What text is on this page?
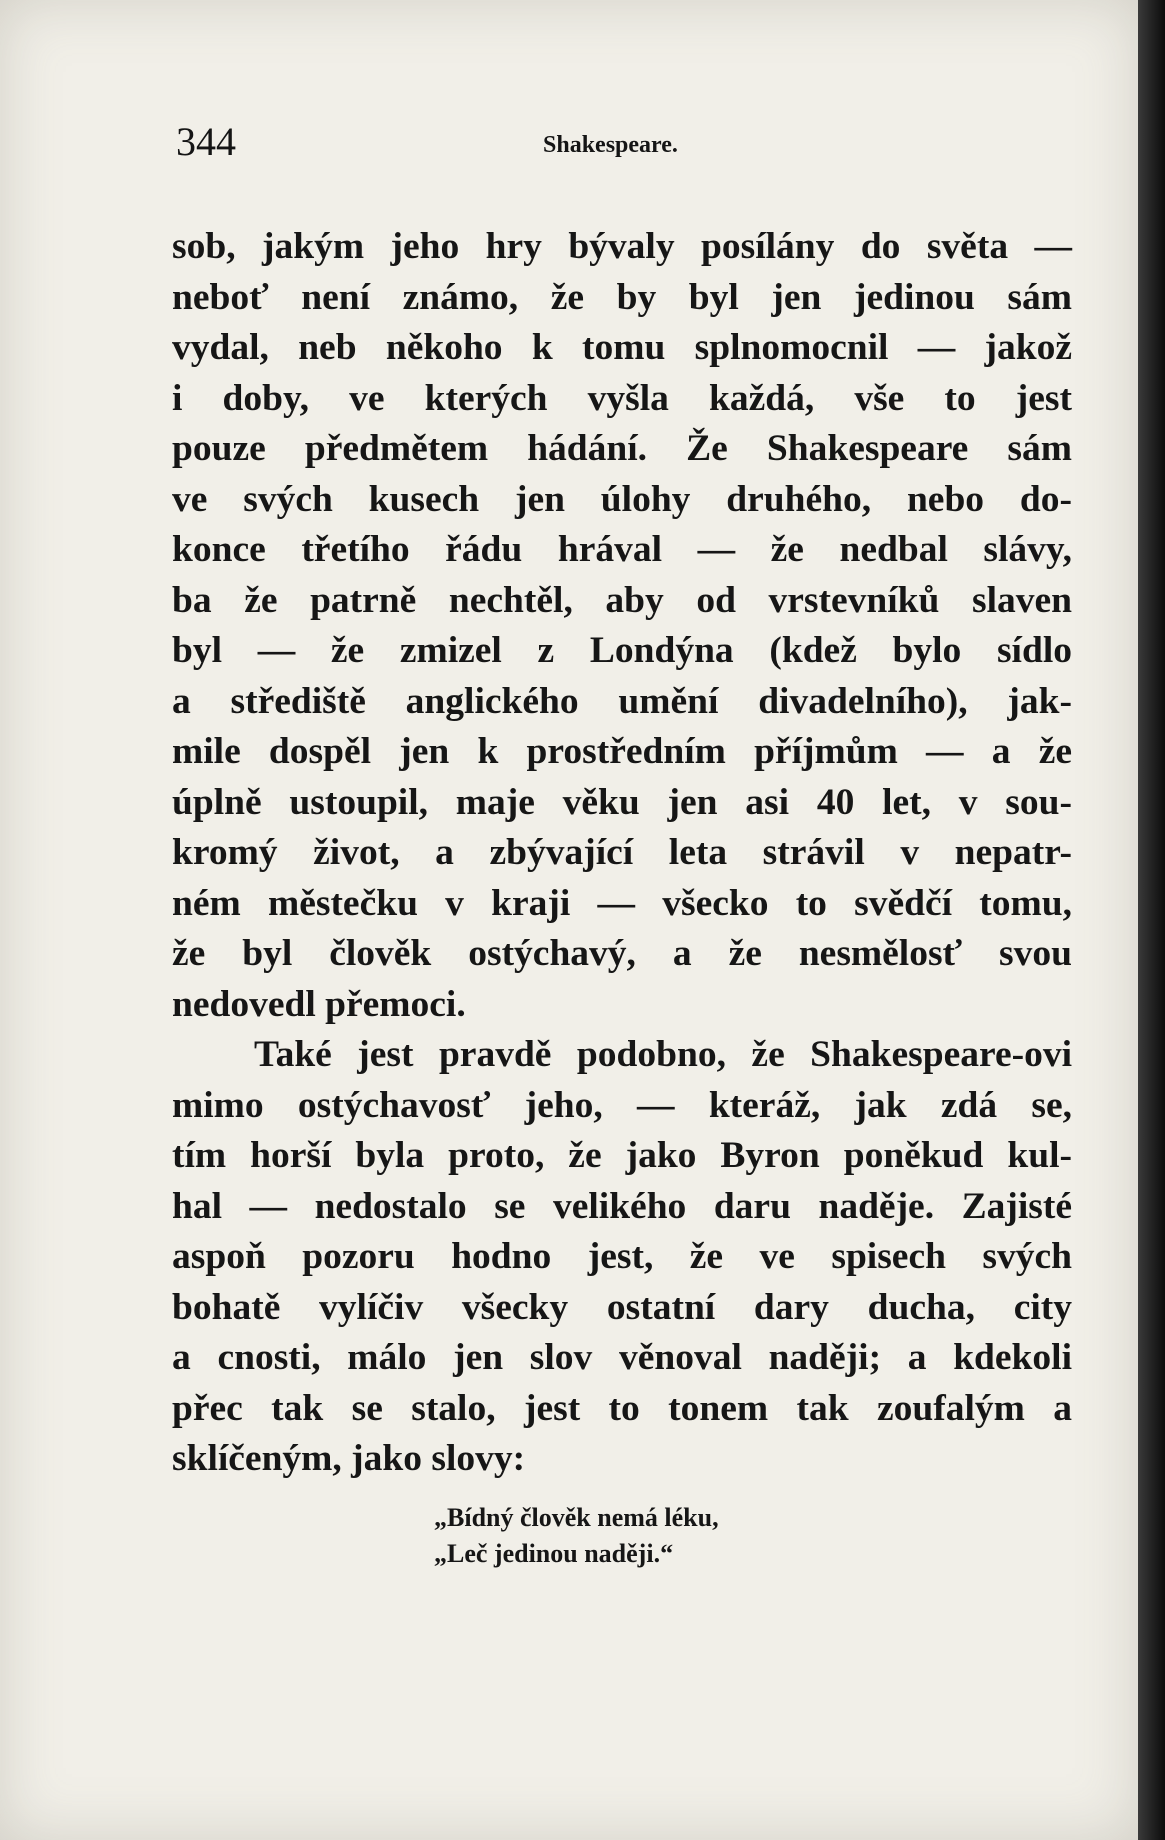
344	Shakespeare.
sob, jakým jeho hry bývaly posílány do světa —
neboť není známo, že by byl jen jedinou sám
vydal, neb někoho k tomu splnomocnil — jakož
i doby, ve kterých vyšla každá, vše to jest
pouze předmětem hádání. Že Shakespeare sám
ve svých kusech jen úlohy druhého, nebo do-
konce třetího řádu hrával — že nedbal slávy,
ba že patrně nechtěl, aby od vrstevníků slaven
byl — že zmizel z Londýna (kdež bylo sídlo
a střediště anglického umění divadelního), jak-
mile dospěl jen k prostředním příjmům — a že
úplně ustoupil, maje věku jen asi 40 let, v sou-
kromý život, a zbývající leta strávil v nepatr-
ném městečku v kraji — všecko to svědčí tomu,
že byl člověk ostýchavý, a že nesmělosť svou
nedovedl přemoci.
Také jest pravdě podobno, že Shakespeare-ovi
mimo ostýchavosť jeho, — kteráž, jak zdá se,
tím horší byla proto, že jako Byron poněkud kul-
hal — nedostalo se velikého daru naděje. Zajisté
aspoň pozoru hodno jest, že ve spisech svých
bohatě vylíčiv všecky ostatní dary ducha, city
a cnosti, málo jen slov věnoval naději; a kdekoli
přec tak se stalo, jest to tonem tak zoufalým a
sklíčeným, jako slovy:
„Bídný člověk nemá léku,
„Leč jedinou naději.“
